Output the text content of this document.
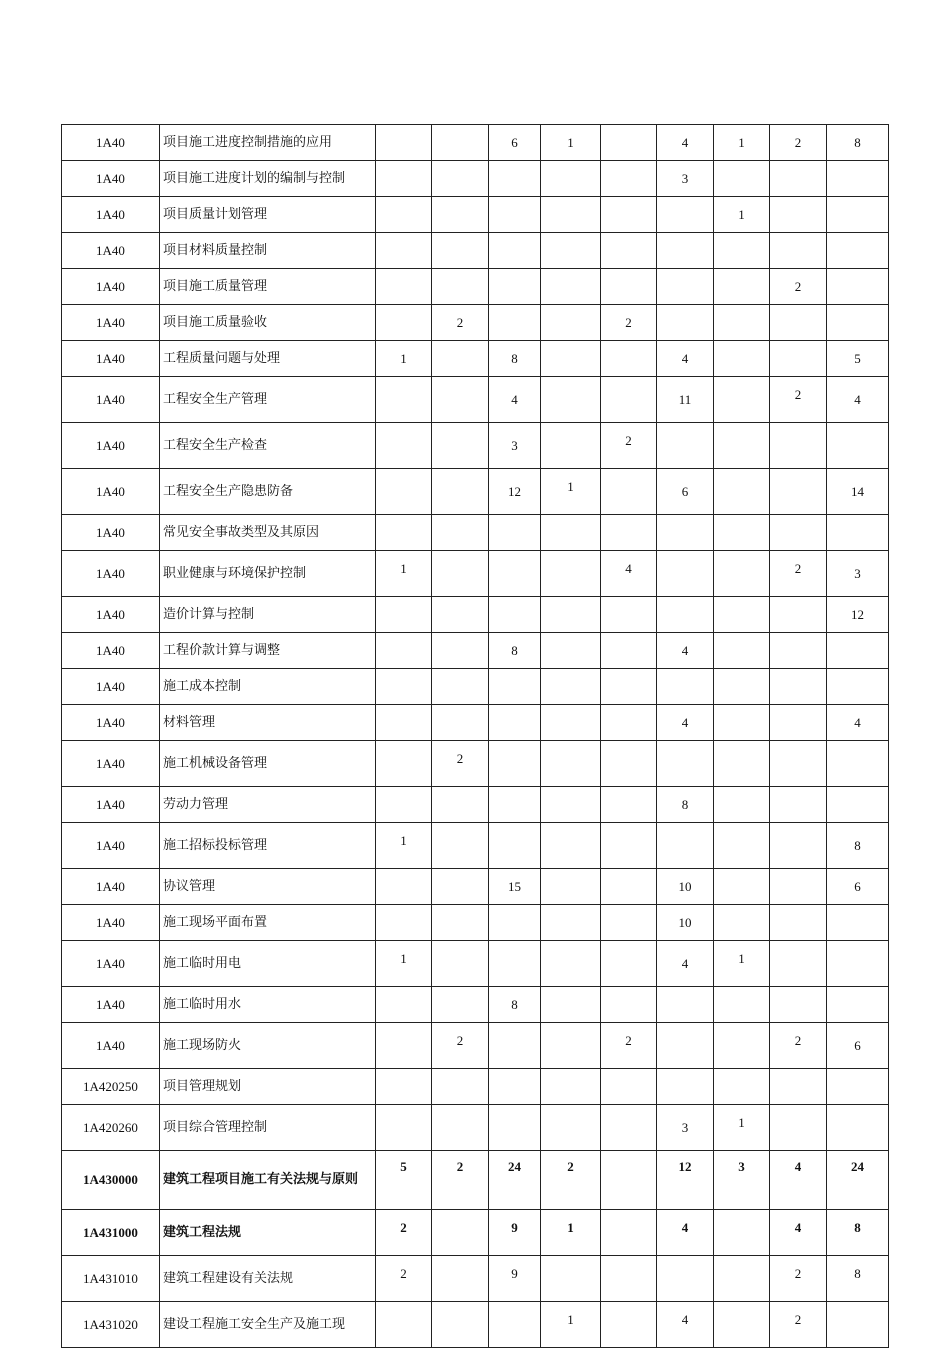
1A40	项目施工进度控制措施的应用			6	1		4	1	2	8
1A40	项目施工进度计划的编制与控制						3			
1A40	项目质量计划管理							1		
1A40	项目材料质量控制									
1A40	项目施工质量管理								2	
1A40	项目施工质量验收		2			2				
1A40	工程质量问题与处理	1		8			4			5
1A40	工程安全生产管理			4			11		2	4
1A40	工程安全生产检查			3		2				
1A40	工程安全生产隐患防备			12	1		6			14
1A40	常见安全事故类型及其原因									
1A40	职业健康与环境保护控制	1				4			2	3
1A40	造价计算与控制									12
1A40	工程价款计算与调整			8			4			
1A40	施工成本控制									
1A40	材料管理						4			4
1A40	施工机械设备管理		2							
1A40	劳动力管理						8			
1A40	施工招标投标管理	1								8
1A40	协议管理			15			10			6
1A40	施工现场平面布置						10			
1A40	施工临时用电	1					4	1		
1A40	施工临时用水			8						
1A40	施工现场防火		2			2			2	6
1A420250	项目管理规划									
1A420260	项目综合管理控制						3	1		
1A430000	建筑工程项目施工有关法规与原则	5	2	24	2		12	3	4	24
1A431000	建筑工程法规	2		9	1		4		4	8
1A431010	建筑工程建设有关法规	2		9					2	8
1A431020	建设工程施工安全生产及施工现				1		4		2	
